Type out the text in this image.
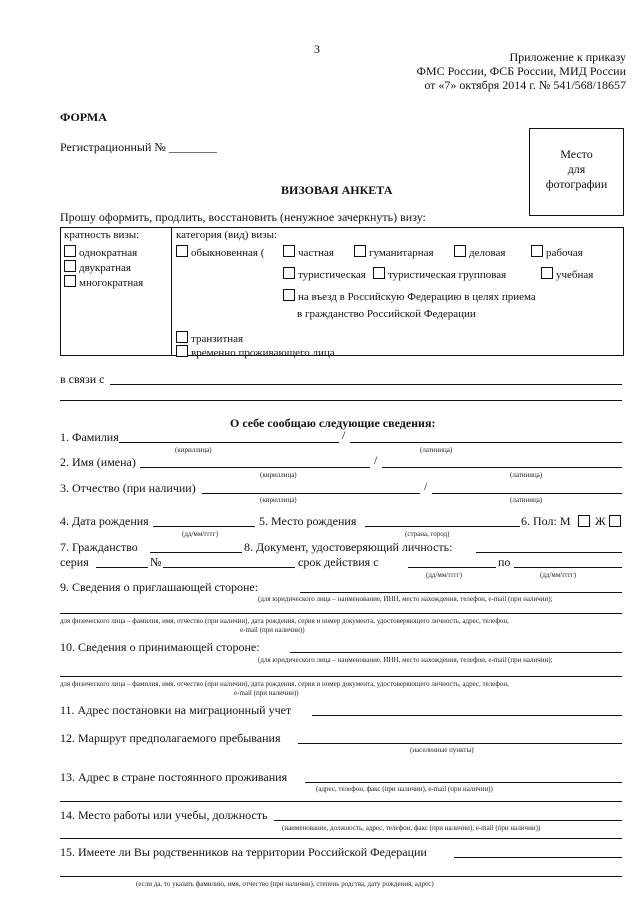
3
Приложение к приказу
ФМС России, ФСБ России, МИД России
от «7» октября 2014 г. № 541/568/18657
ФОРМА
Регистрационный № ________	Место
для
фотографии
ВИЗОВАЯ АНКЕТА
Прошу оформить, продлить, восстановить (ненужное зачеркнуть) визу:
кратность визы:
однократная
двукратная
многократная
категория (вид) визы:
обыкновенная (	частная	гуманитарная	деловая	рабочая
туристическая	туристическая групповая	учебная
на въезд в Российскую Федерацию в целях приема
в гражданство Российской Федерации
транзитная
временно проживающего лица
в связи с
О себе сообщаю следующие сведения:
1. Фамилия	/
(кириллица)	(латиница)
2. Имя (имена)	/
(кириллица)	(латиница)
3. Отчество (при наличии)	/
(кириллица)	(латиница)
4. Дата рождения
(дд/мм/гггг)
5. Место рождения
(страна, город)
6. Пол: М Ж
7. Гражданство	8. Документ, удостоверяющий личность:
серия	№	срок действия с
(дд/мм/гггг)
по
(дд/мм/гггг)
9. Сведения о приглашающей стороне:
(для юридического лица – наименование, ИНН, место нахождения, телефон, e-mail (при наличии);
для физического лица – фамилия, имя, отчество (при наличии), дата рождения, серия и номер документа, удостоверяющего личность, адрес, телефон,
e-mail (при наличии))
10. Сведения о принимающей стороне:
(для юридического лица – наименование, ИНН, место нахождения, телефон, e-mail (при наличии);
для физического лица – фамилия, имя, отчество (при наличии), дата рождения, серия и номер документа, удостоверяющего личность, адрес, телефон,
e-mail (при наличии))
11. Адрес постановки на миграционный учет
12. Маршрут предполагаемого пребывания
(населенные пункты)
13. Адрес в стране постоянного проживания
(адрес, телефон, факс (при наличии), e-mail (при наличии))
14. Место работы или учебы, должность
(наименование, должность, адрес, телефон, факс (при наличии), e-mail (при наличии))
15. Имеете ли Вы родственников на территории Российской Федерации
(если да, то указать фамилию, имя, отчество (при наличии), степень родства, дату рождения, адрес)
